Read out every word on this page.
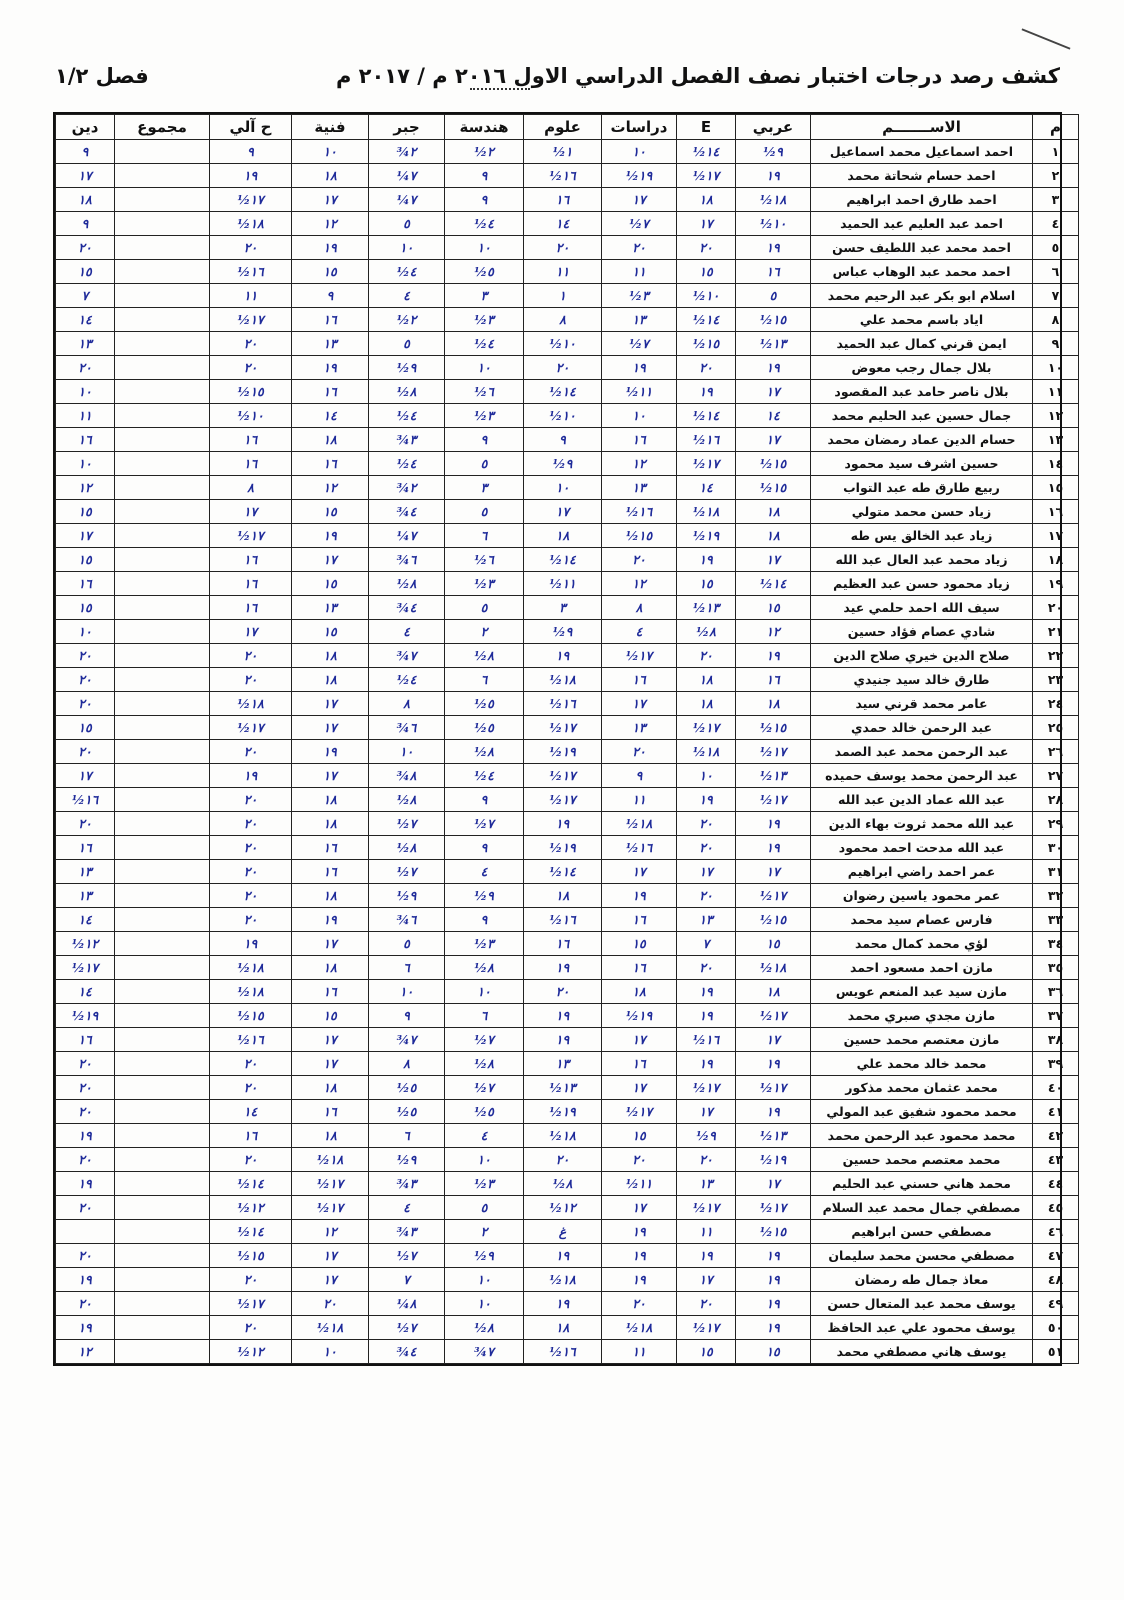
كشف رصد درجات اختبار نصف الفصل الدراسي الاول ٢٠١٦ م / ٢٠١٧ م
فصل ١/٢
م	الاســـــــم	عربي	E	دراسات	علوم	هندسة	جبر	فنية	ح آلي	مجموع	دين
١	احمد اسماعيل محمد اسماعيل	٩½	١٤½	١٠	١½	٢½	٢¾	١٠	٩		٩
٢	احمد حسام شحاتة محمد	١٩	١٧½	١٩½	١٦½	٩	٧¼	١٨	١٩		١٧
٣	احمد طارق احمد ابراهيم	١٨½	١٨	١٧	١٦	٩	٧¼	١٧	١٧½		١٨
٤	احمد عبد العليم عبد الحميد	١٠½	١٧	٧½	١٤	٤½	٥	١٢	١٨½		٩
٥	احمد محمد عبد اللطيف حسن	١٩	٢٠	٢٠	٢٠	١٠	١٠	١٩	٢٠		٢٠
٦	احمد محمد عبد الوهاب عباس	١٦	١٥	١١	١١	٥½	٤½	١٥	١٦½		١٥
٧	اسلام ابو بكر عبد الرحيم محمد	٥	١٠½	٣½	١	٣	٤	٩	١١		٧
٨	اياد باسم محمد علي	١٥½	١٤½	١٣	٨	٣½	٢½	١٦	١٧½		١٤
٩	ايمن قرني كمال عبد الحميد	١٣½	١٥½	٧½	١٠½	٤½	٥	١٣	٢٠		١٣
١٠	بلال جمال رجب معوض	١٩	٢٠	١٩	٢٠	١٠	٩½	١٩	٢٠		٢٠
١١	بلال ناصر حامد عبد المقصود	١٧	١٩	١١½	١٤½	٦½	٨½	١٦	١٥½		١٠
١٢	جمال حسين عبد الحليم محمد	١٤	١٤½	١٠	١٠½	٣½	٤½	١٤	١٠½		١١
١٣	حسام الدين عماد رمضان محمد	١٧	١٦½	١٦	٩	٩	٣¾	١٨	١٦		١٦
١٤	حسين اشرف سيد محمود	١٥½	١٧½	١٢	٩½	٥	٤½	١٦	١٦		١٠
١٥	ربيع طارق طه عبد التواب	١٥½	١٤	١٣	١٠	٣	٢¾	١٢	٨		١٢
١٦	زياد حسن محمد متولي	١٨	١٨½	١٦½	١٧	٥	٤¾	١٥	١٧		١٥
١٧	زياد عبد الخالق يس طه	١٨	١٩½	١٥½	١٨	٦	٧¼	١٩	١٧½		١٧
١٨	زياد محمد عبد العال عبد الله	١٧	١٩	٢٠	١٤½	٦½	٦¾	١٧	١٦		١٥
١٩	زياد محمود حسن عبد العظيم	١٤½	١٥	١٢	١١½	٣½	٨½	١٥	١٦		١٦
٢٠	سيف الله احمد حلمي عيد	١٥	١٣½	٨	٣	٥	٤¾	١٣	١٦		١٥
٢١	شادي عصام فؤاد حسين	١٢	٨½	٤	٩½	٢	٤	١٥	١٧		١٠
٢٢	صلاح الدين خيري صلاح الدين	١٩	٢٠	١٧½	١٩	٨½	٧¾	١٨	٢٠		٢٠
٢٣	طارق خالد سيد جنيدي	١٦	١٨	١٦	١٨½	٦	٤½	١٨	٢٠		٢٠
٢٤	عامر محمد قرني سيد	١٨	١٨	١٧	١٦½	٥½	٨	١٧	١٨½		٢٠
٢٥	عبد الرحمن خالد حمدي	١٥½	١٧½	١٣	١٧½	٥½	٦¾	١٧	١٧½		١٥
٢٦	عبد الرحمن محمد عبد الصمد	١٧½	١٨½	٢٠	١٩½	٨½	١٠	١٩	٢٠		٢٠
٢٧	عبد الرحمن محمد يوسف حميده	١٣½	١٠	٩	١٧½	٤½	٨¾	١٧	١٩		١٧
٢٨	عبد الله عماد الدين عبد الله	١٧½	١٩	١١	١٧½	٩	٨½	١٨	٢٠		١٦½
٢٩	عبد الله محمد ثروت بهاء الدين	١٩	٢٠	١٨½	١٩	٧½	٧½	١٨	٢٠		٢٠
٣٠	عبد الله مدحت احمد محمود	١٩	٢٠	١٦½	١٩½	٩	٨½	١٦	٢٠		١٦
٣١	عمر احمد راضي ابراهيم	١٧	١٧	١٧	١٤½	٤	٧½	١٦	٢٠		١٣
٣٢	عمر محمود ياسين رضوان	١٧½	٢٠	١٩	١٨	٩½	٩½	١٨	٢٠		١٣
٣٣	فارس عصام سيد محمد	١٥½	١٣	١٦	١٦½	٩	٦¾	١٩	٢٠		١٤
٣٤	لؤي محمد كمال محمد	١٥	٧	١٥	١٦	٣½	٥	١٧	١٩		١٢½
٣٥	مازن احمد مسعود احمد	١٨½	٢٠	١٦	١٩	٨½	٦	١٨	١٨½		١٧½
٣٦	مازن سيد عبد المنعم عويس	١٨	١٩	١٨	٢٠	١٠	١٠	١٦	١٨½		١٤
٣٧	مازن مجدي صبري محمد	١٧½	١٩	١٩½	١٩	٦	٩	١٥	١٥½		١٩½
٣٨	مازن معتصم محمد حسين	١٧	١٦½	١٧	١٩	٧½	٧¾	١٧	١٦½		١٦
٣٩	محمد خالد محمد علي	١٩	١٩	١٦	١٣	٨½	٨	١٧	٢٠		٢٠
٤٠	محمد عثمان محمد مذكور	١٧½	١٧½	١٧	١٣½	٧½	٥½	١٨	٢٠		٢٠
٤١	محمد محمود شفيق عبد المولي	١٩	١٧	١٧½	١٩½	٥½	٥½	١٦	١٤		٢٠
٤٢	محمد محمود عبد الرحمن محمد	١٣½	٩½	١٥	١٨½	٤	٦	١٨	١٦		١٩
٤٣	محمد معتصم محمد حسين	١٩½	٢٠	٢٠	٢٠	١٠	٩½	١٨½	٢٠		٢٠
٤٤	محمد هاني حسني عبد الحليم	١٧	١٣	١١½	٨½	٣½	٣¾	١٧½	١٤½		١٩
٤٥	مصطفي جمال محمد عبد السلام	١٧½	١٧½	١٧	١٢½	٥	٤	١٧½	١٢½		٢٠
٤٦	مصطفي حسن ابراهيم	١٥½	١١	١٩	غ	٢	٣¾	١٢	١٤½		
٤٧	مصطفي محسن محمد سليمان	١٩	١٩	١٩	١٩	٩½	٧½	١٧	١٥½		٢٠
٤٨	معاذ جمال طه رمضان	١٩	١٧	١٩	١٨½	١٠	٧	١٧	٢٠		١٩
٤٩	يوسف محمد عبد المتعال حسن	١٩	٢٠	٢٠	١٩	١٠	٨¼	٢٠	١٧½		٢٠
٥٠	يوسف محمود علي عبد الحافظ	١٩	١٧½	١٨½	١٨	٨½	٧½	١٨½	٢٠		١٩
٥١	يوسف هاني مصطفي محمد	١٥	١٥	١١	١٦½	٧¾	٤¾	١٠	١٢½		١٢
